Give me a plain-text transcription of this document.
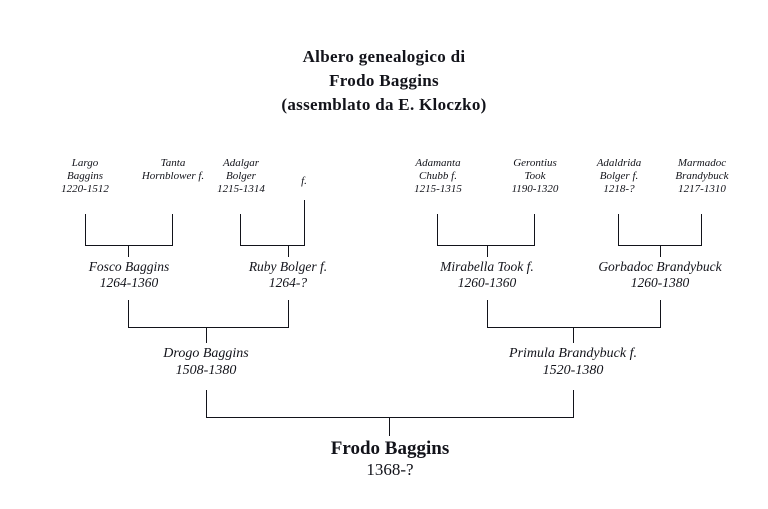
Albero genealogico di
Frodo Baggins
(assemblato da E. Kloczko)
Largo
Baggins
1220-1512
Tanta
Hornblower f.
Adalgar
Bolger
1215-1314
f.
Adamanta
Chubb f.
1215-1315
Gerontius
Took
1190-1320
Adaldrida
Bolger f.
1218-?
Marmadoc
Brandybuck
1217-1310
Fosco Baggins
1264-1360
Ruby Bolger f.
1264-?
Mirabella Took f.
1260-1360
Gorbadoc Brandybuck
1260-1380
Drogo Baggins
1508-1380
Primula Brandybuck f.
1520-1380
Frodo Baggins
1368-?
